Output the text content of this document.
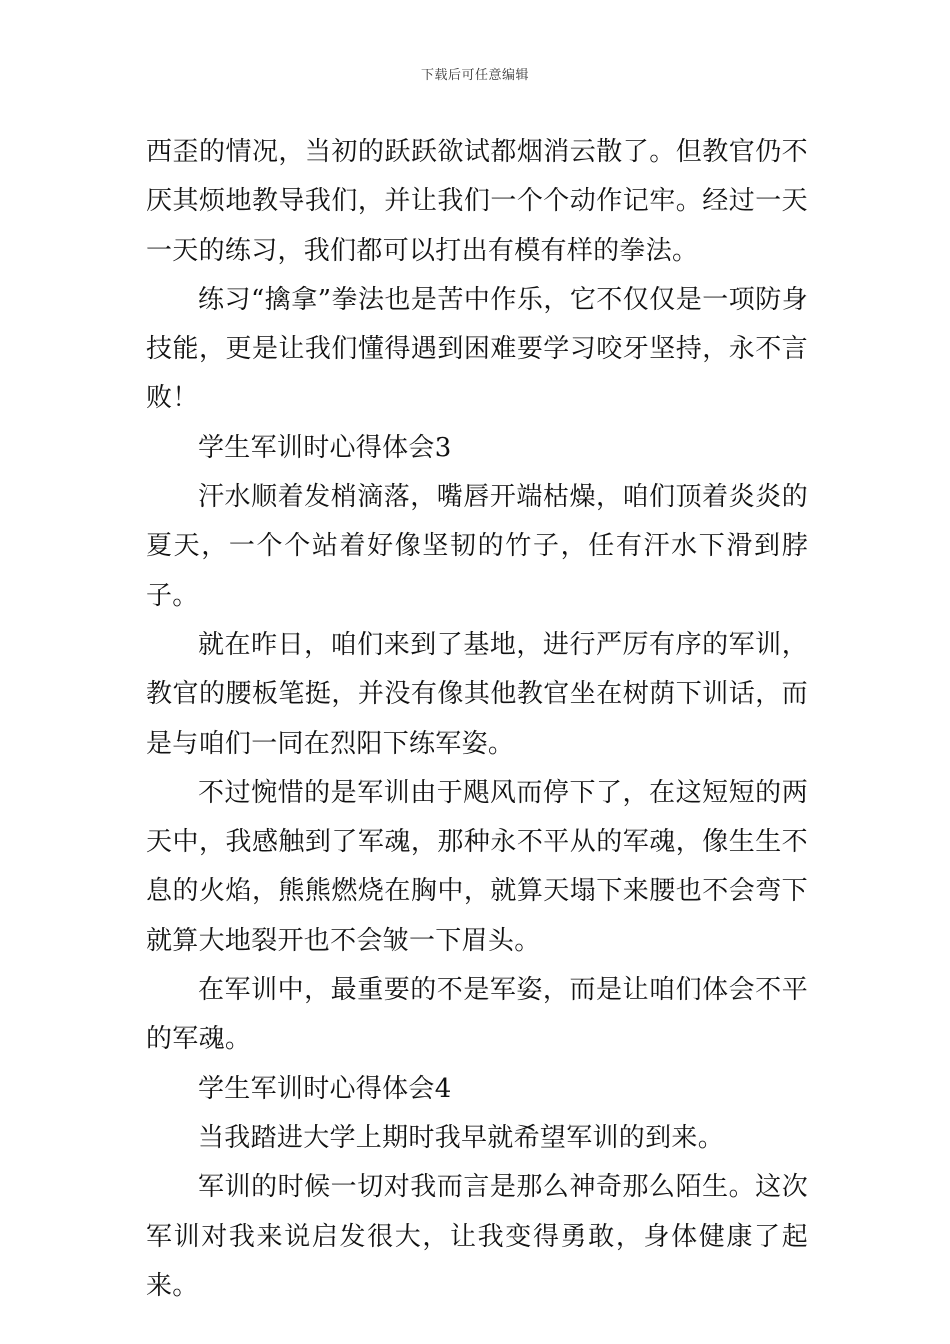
下载后可任意编辑

西歪的情况，当初的跃跃欲试都烟消云散了。但教官仍不厌其烦地教导我们，并让我们一个个动作记牢。经过一天一天的练习，我们都可以打出有模有样的拳法。

练习“擒拿”拳法也是苦中作乐，它不仅仅是一项防身技能，更是让我们懂得遇到困难要学习咬牙坚持，永不言败！

学生军训时心得体会3

汗水顺着发梢滴落，嘴唇开端枯燥，咱们顶着炎炎的夏天，一个个站着好像坚韧的竹子，任有汗水下滑到脖子。

就在昨日，咱们来到了基地，进行严厉有序的军训，教官的腰板笔挺，并没有像其他教官坐在树荫下训话，而是与咱们一同在烈阳下练军姿。

不过惋惜的是军训由于飓风而停下了，在这短短的两天中，我感触到了军魂，那种永不平从的军魂，像生生不息的火焰，熊熊燃烧在胸中，就算天塌下来腰也不会弯下就算大地裂开也不会皱一下眉头。

在军训中，最重要的不是军姿，而是让咱们体会不平的军魂。

学生军训时心得体会4

当我踏进大学上期时我早就希望军训的到来。

军训的时候一切对我而言是那么神奇那么陌生。这次军训对我来说启发很大，让我变得勇敢，身体健康了起来。
